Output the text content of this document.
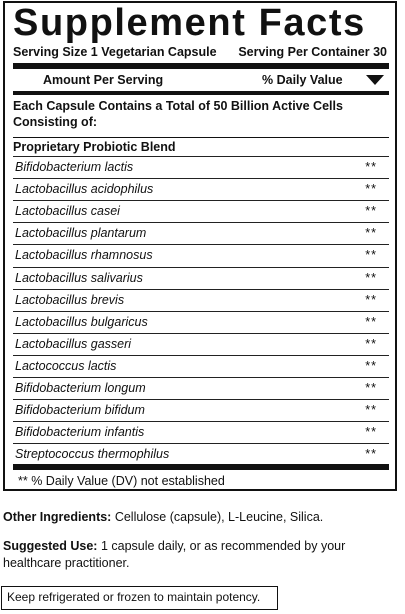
Supplement Facts
Serving Size 1 Vegetarian Capsule Serving Per Container 30
Amount Per Serving	% Daily Value
Each Capsule Contains a Total of 50 Billion Active Cells Consisting of:
Proprietary Probiotic Blend
Bifidobacterium lactis	**
Lactobacillus acidophilus	**
Lactobacillus casei	**
Lactobacillus plantarum	**
Lactobacillus rhamnosus	**
Lactobacillus salivarius	**
Lactobacillus brevis	**
Lactobacillus bulgaricus	**
Lactobacillus gasseri	**
Lactococcus lactis	**
Bifidobacterium longum	**
Bifidobacterium bifidum	**
Bifidobacterium infantis	**
Streptococcus thermophilus	**
** % Daily Value (DV) not established
Other Ingredients: Cellulose (capsule), L-Leucine, Silica.
Suggested Use: 1 capsule daily, or as recommended by your healthcare practitioner.
Keep refrigerated or frozen to maintain potency.
